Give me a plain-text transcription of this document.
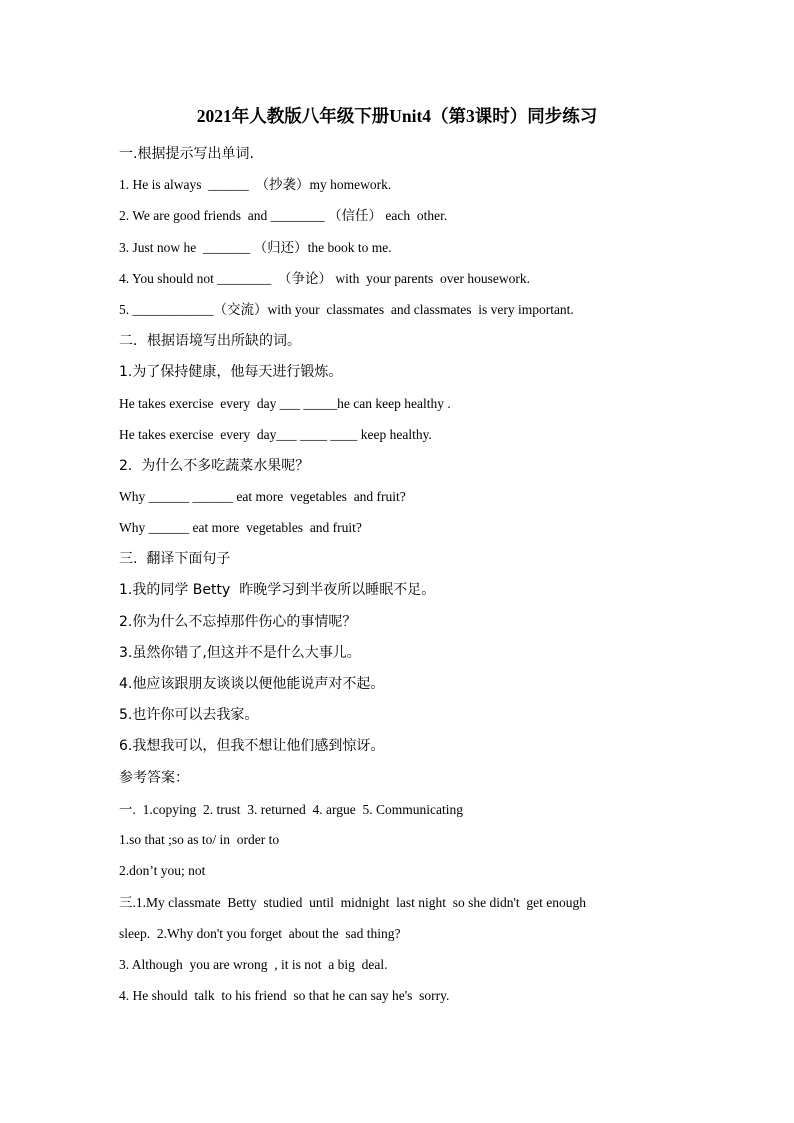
2021年人教版八年级下册Unit4（第3课时）同步练习
一.根据提示写出单词.
1. He is always  ______  （抄袭）my homework.
2. We are good friends  and ________ （信任） each  other.
3. Just now he  _______ （归还）the book to me.
4. You should not ________  （争论） with  your parents  over housework.
5. ____________（交流）with your  classmates  and classmates  is very important.
二．根据语境写出所缺的词。
1.为了保持健康，他每天进行锻炼。
He takes exercise  every  day ___ _____he can keep healthy .
He takes exercise  every  day___ ____ ____ keep healthy.
2.  为什么不多吃蔬菜水果呢？
Why ______ ______ eat more  vegetables  and fruit?
Why ______ eat more  vegetables  and fruit?
三.  翻译下面句子
1.我的同学 Betty  昨晚学习到半夜所以睡眠不足。
2.你为什么不忘掉那件伤心的事情呢？
3.虽然你错了,但这并不是什么大事儿。
4.他应该跟朋友谈谈以便他能说声对不起。
5.也许你可以去我家。
6.我想我可以，但我不想让他们感到惊讶。
参考答案：
一.  1.copying  2. trust  3. returned  4. argue  5. Communicating
1.so that ;so as to/ in  order to
2.don’t you; not
三.1.My classmate  Betty  studied  until  midnight  last night  so she didn't  get enough
sleep.  2.Why don't you forget  about the  sad thing?
3. Although  you are wrong  , it is not  a big  deal.
4. He should  talk  to his friend  so that he can say he's  sorry.
